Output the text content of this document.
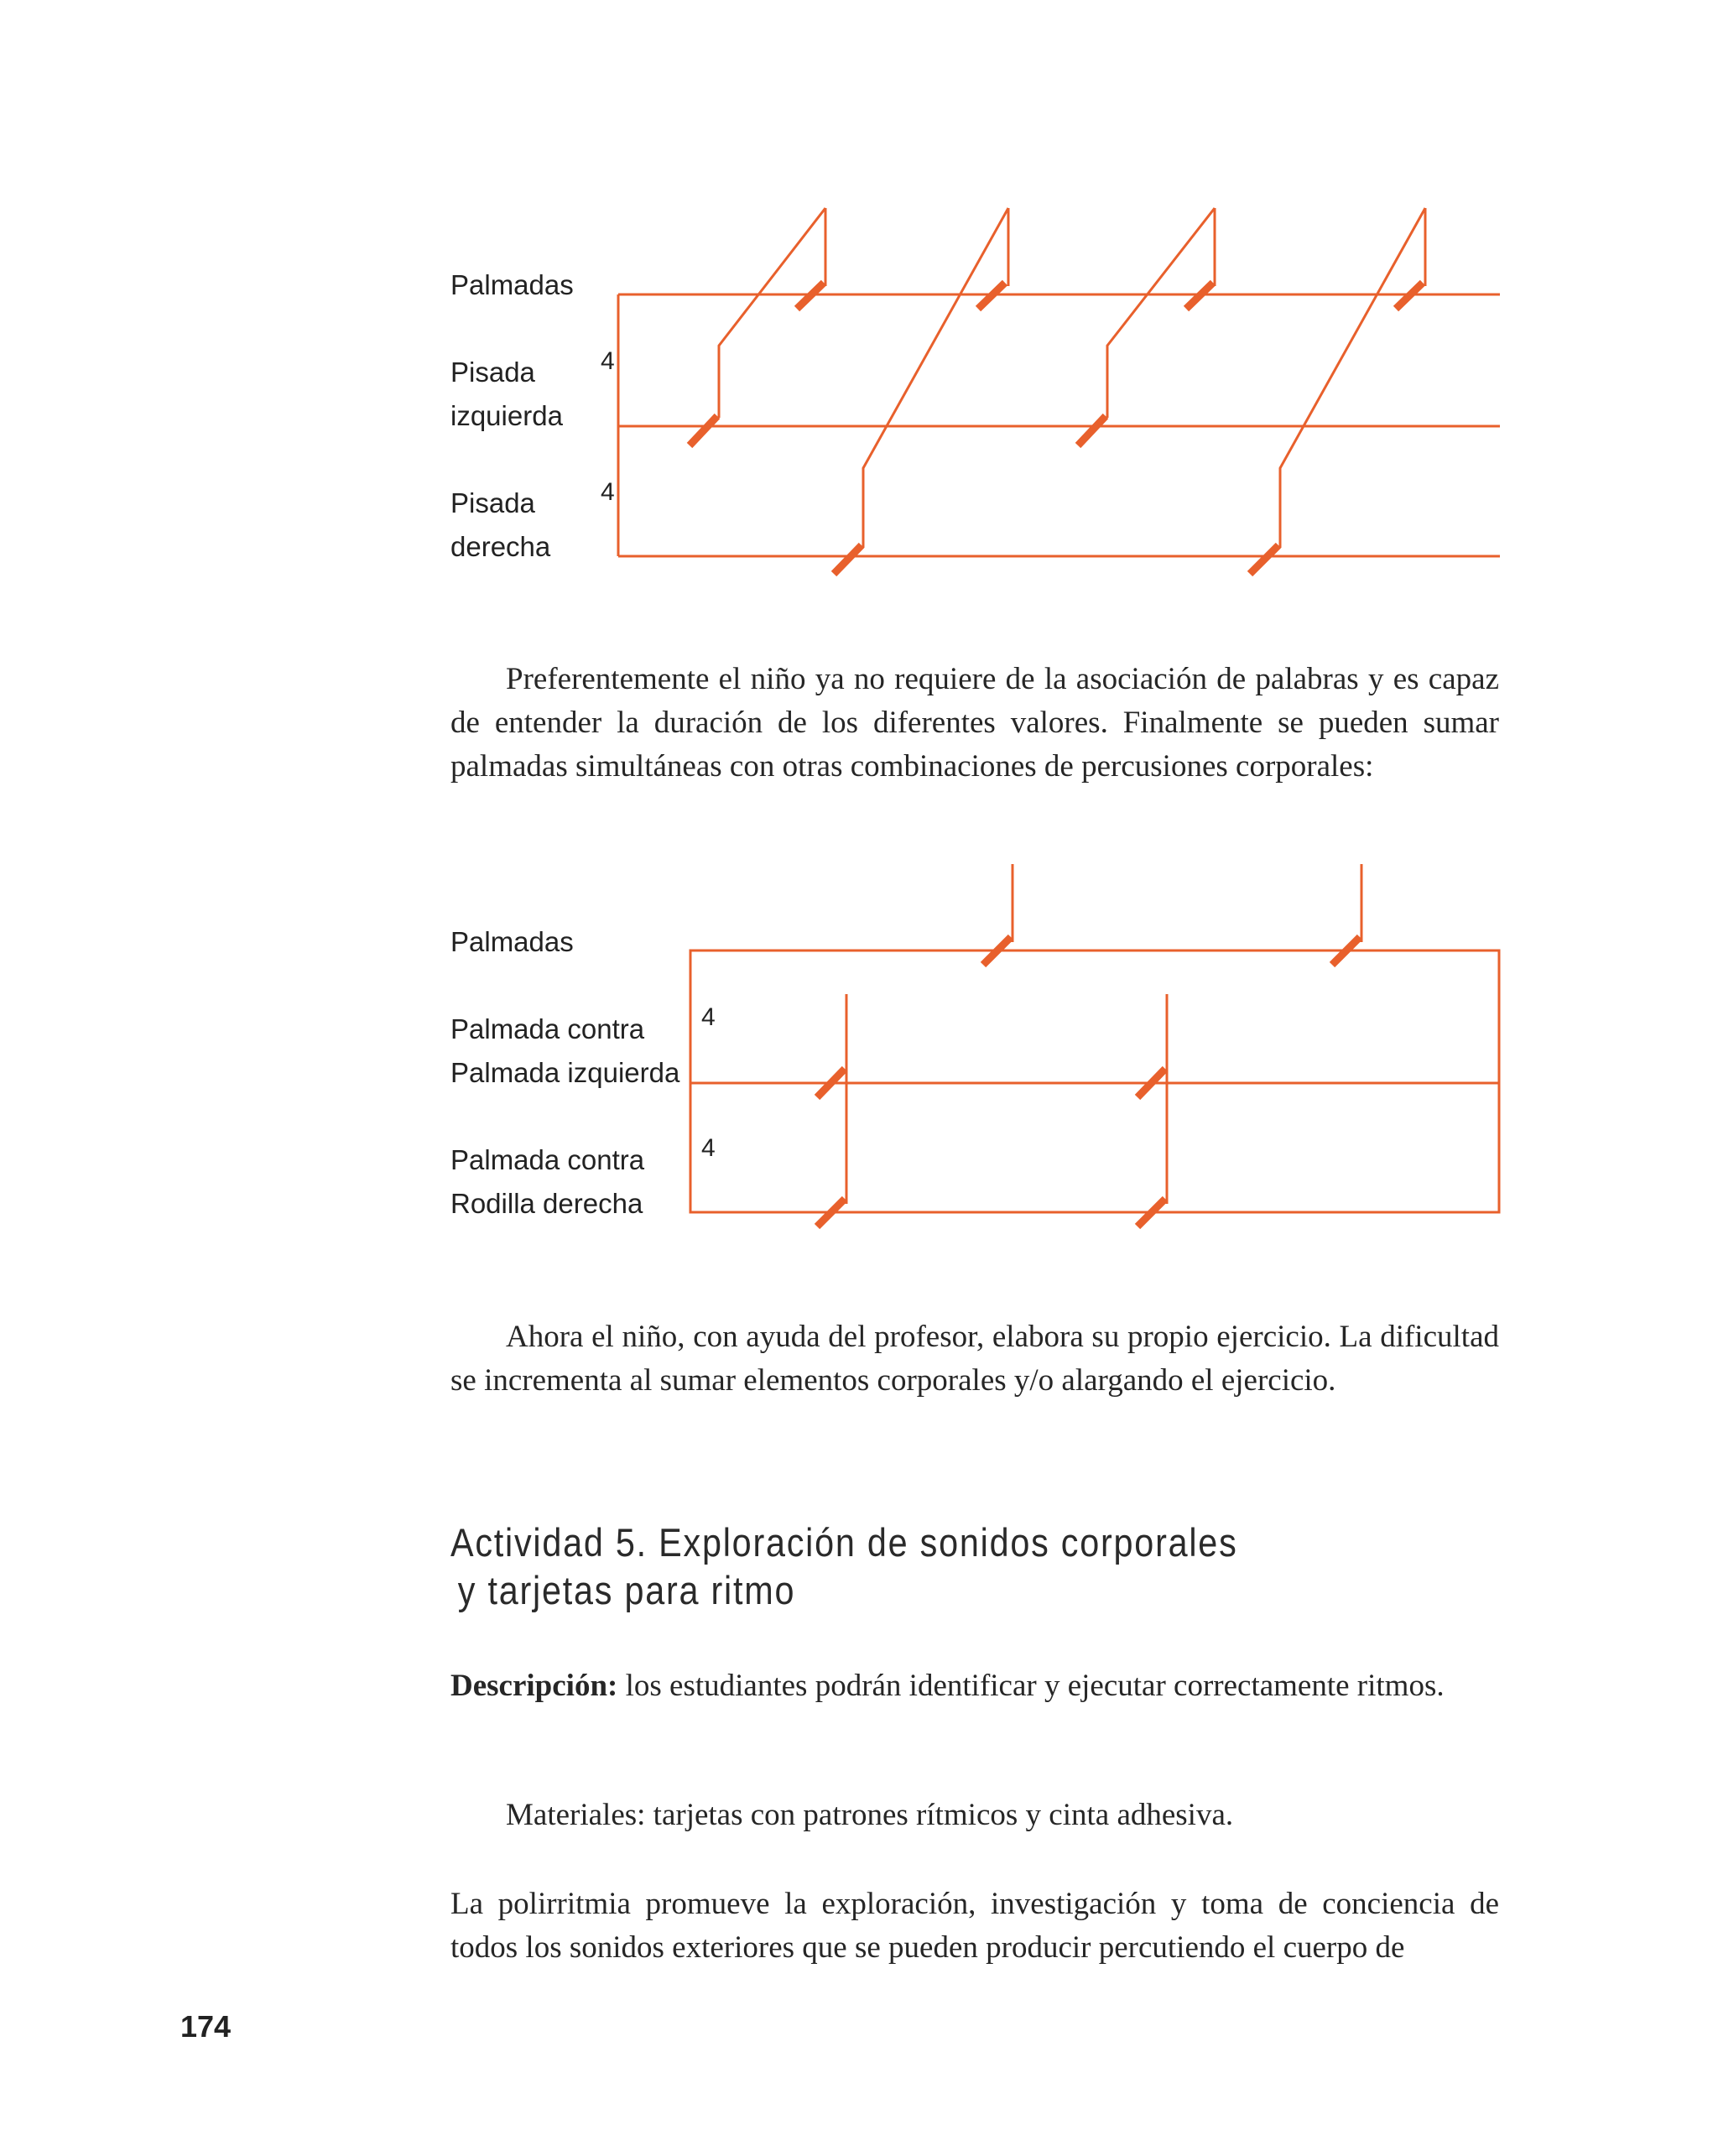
Palmadas
Pisada
izquierda
Pisada
derecha
4
4
Palmadas
Palmada contra
Palmada izquierda
Palmada contra
Rodilla derecha
4
4
Preferentemente el niño ya no requiere de la asociación de palabras y es capaz de entender la duración de los diferentes valores. Finalmente se pueden sumar palmadas simultáneas con otras combinaciones de percusiones corporales:
Ahora el niño, con ayuda del profesor, elabora su propio ejercicio. La dificultad se incrementa al sumar elementos corporales y/o alargando el ejercicio.
Actividad 5. Exploración de sonidos corporales
y tarjetas para ritmo
Descripción: los estudiantes podrán identificar y ejecutar correctamente ritmos.
Materiales: tarjetas con patrones rítmicos y cinta adhesiva.
La polirritmia promueve la exploración, investigación y toma de conciencia de todos los sonidos exteriores que se pueden producir percutiendo el cuerpo de
174
